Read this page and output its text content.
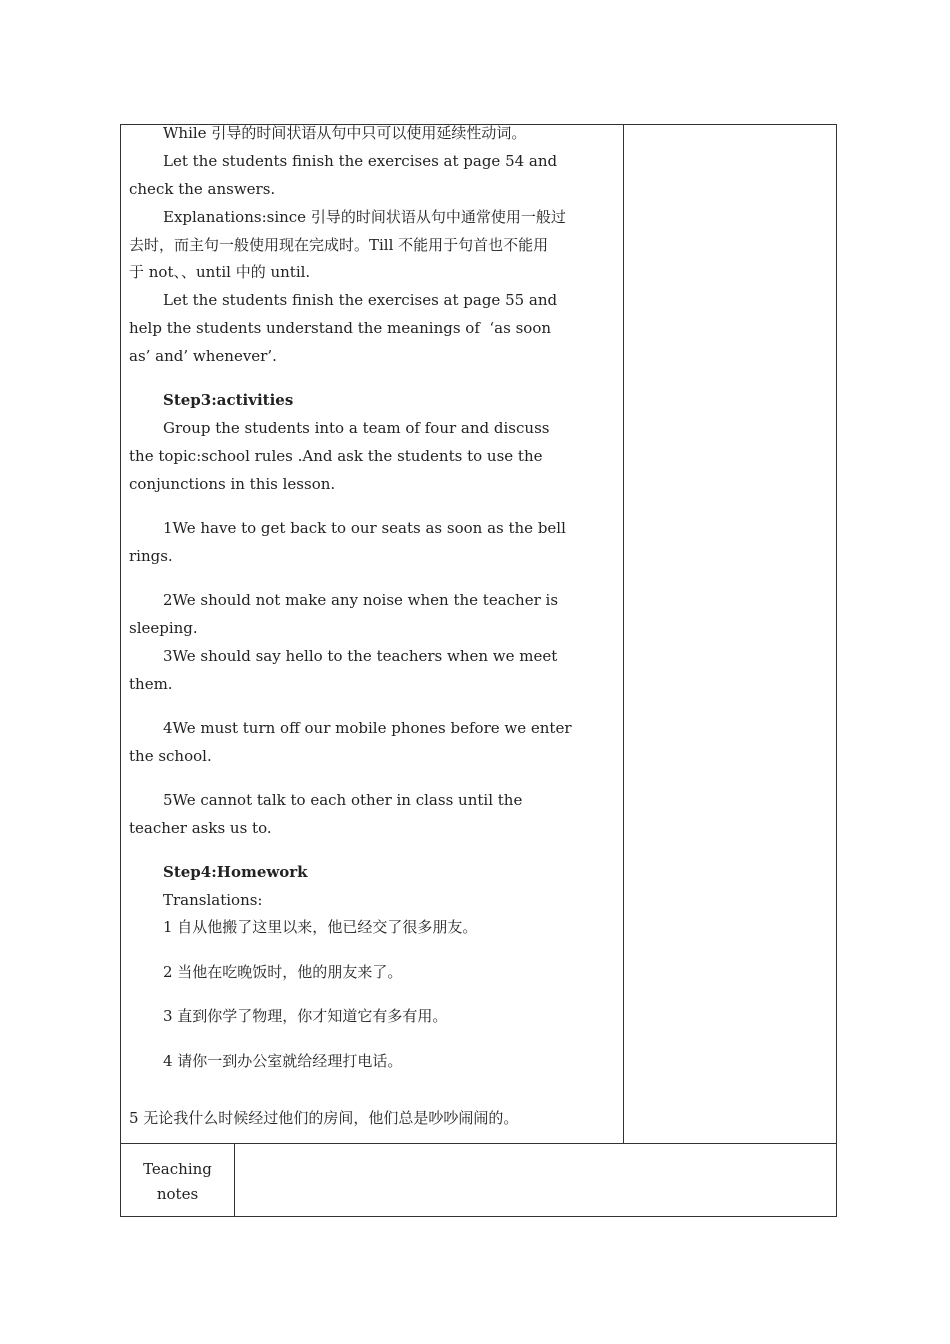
While 引导的时间状语从句中只可以使用延续性动词。
Let the students finish the exercises at page 54 and
check the answers.
Explanations:since 引导的时间状语从句中通常使用一般过
去时，而主句一般使用现在完成时。Till 不能用于句首也不能用
于 not、、until 中的 until.
Let the students finish the exercises at page 55 and
help the students understand the meanings of  ‘as soon
as’ and’ whenever’.
Step3:activities
Group the students into a team of four and discuss
the topic:school rules .And ask the students to use the
conjunctions in this lesson.
1We have to get back to our seats as soon as the bell
rings.
2We should not make any noise when the teacher is
sleeping.
3We should say hello to the teachers when we meet
them.
4We must turn off our mobile phones before we enter
the school.
5We cannot talk to each other in class until the
teacher asks us to.
Step4:Homework
Translations:
1 自从他搬了这里以来，他已经交了很多朋友。
2 当他在吃晚饭时，他的朋友来了。
3 直到你学了物理，你才知道它有多有用。
4 请你一到办公室就给经理打电话。
5 无论我什么时候经过他们的房间，他们总是吵吵闹闹的。
Teaching
notes
